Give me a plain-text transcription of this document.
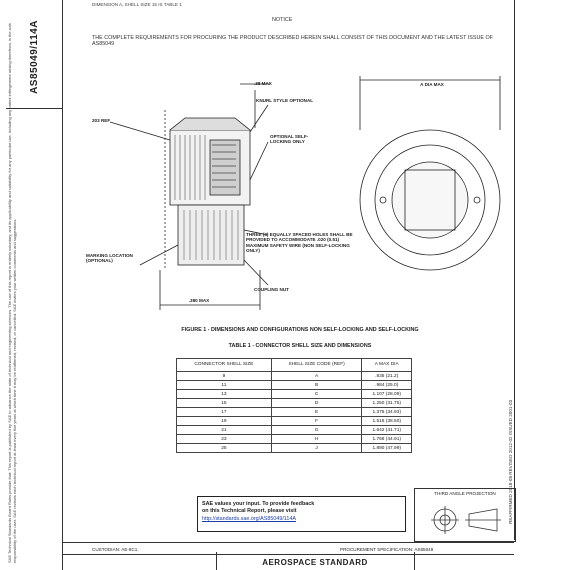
AS85049/114A
SAE Technical Standards Board Rules provide that: This report is published by SAE to advance the state of technical and engineering sciences. The use of this report is entirely voluntary, and its applicability and suitability for any particular use, including any patent infringement arising therefrom, is the sole responsibility of the user. SAE reviews each technical report at least every five years at which time it may be reaffirmed, revised, or cancelled. SAE invites your written comments and suggestions.	REAFFIRMED 2018-08 REVISED 2012-02 ISSUED 2001-03
DIMENSION A, SHELL SIZE 15 IS TABLE 1
NOTICE
THE COMPLETE REQUIREMENTS FOR PROCURING THE PRODUCT DESCRIBED HEREIN SHALL CONSIST OF THIS DOCUMENT AND THE LATEST ISSUE OF AS85049
.38 MAX
KNURL STYLE OPTIONAL
203 REF
OPTIONAL SELF-LOCKING ONLY
THREE (3) EQUALLY SPACED HOLES SHALL BE PROVIDED TO ACCOMMODATE .020 (0.51) MAXIMUM SAFETY WIRE (NON SELF-LOCKING ONLY)
MARKING LOCATION (OPTIONAL)
COUPLING NUT
.380 MAX
A DIA MAX
FIGURE 1 - DIMENSIONS AND CONFIGURATIONS NON SELF-LOCKING AND SELF-LOCKING
TABLE 1 - CONNECTOR SHELL SIZE AND DIMENSIONS
CONNECTOR SHELL SIZE	SHELL SIZE CODE (REF)	A MAX DIA
9	A	.835 (21.2)
11	B	.984 (25.0)
13	C	1.107 (28.09)
15	D	1.250 (31.75)
17	E	1.375 (34.93)
19	F	1.516 (38.50)
21	G	1.642 (41.71)
23	H	1.768 (44.91)
25	J	1.890 (47.99)
SAE values your input. To provide feedback
on this Technical Report, please visit
http://standards.sae.org/AS85049/114A
THIRD ANGLE PROJECTION
CUSTODIAN: AE-8C1	PROCUREMENT SPECIFICATION: AS85049
AEROSPACE STANDARD
